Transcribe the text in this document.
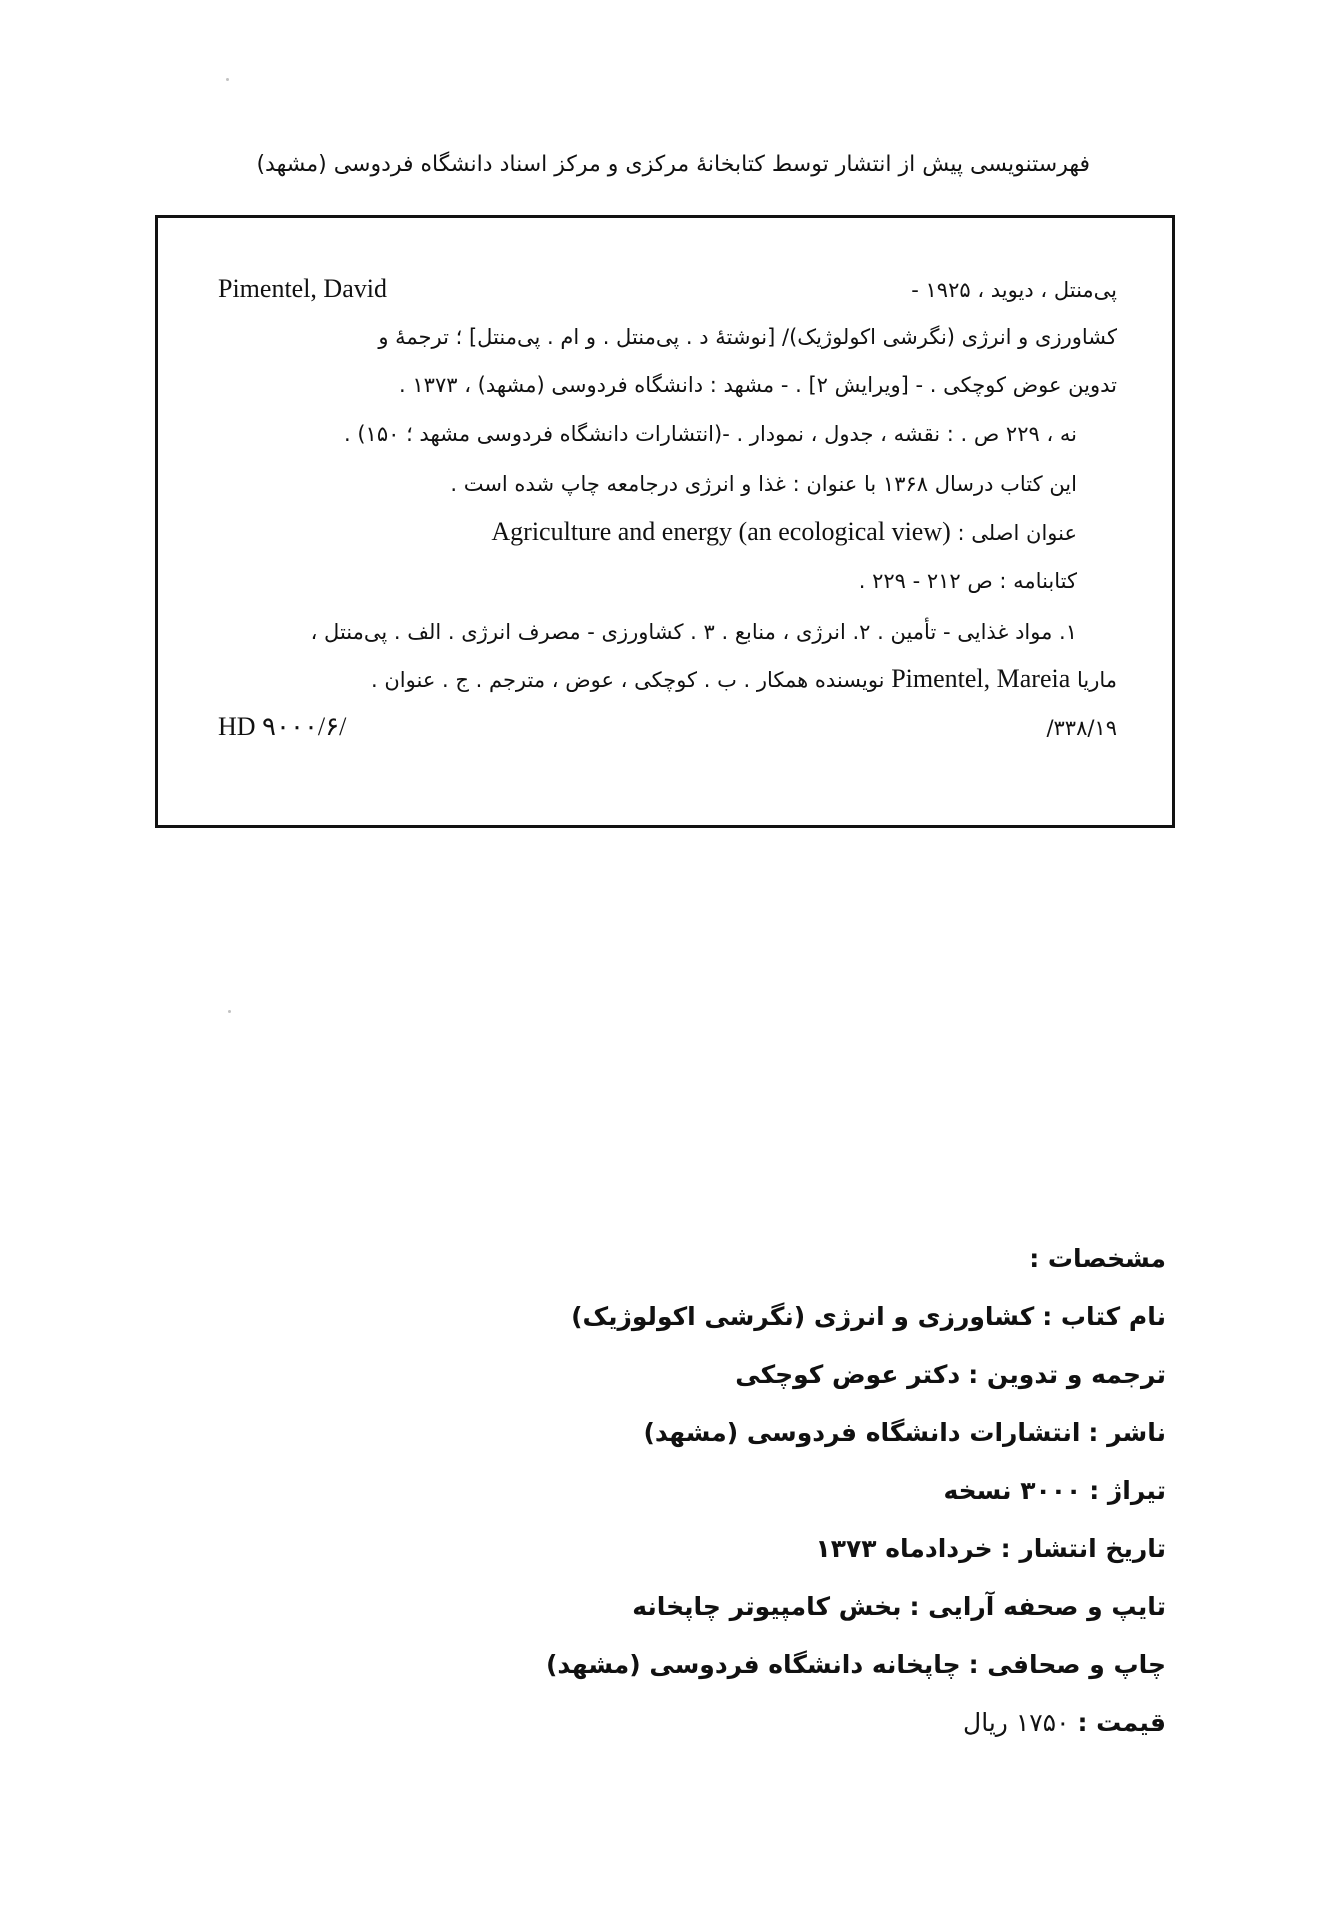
فهرستنویسی پیش از انتشار توسط کتابخانهٔ مرکزی و مرکز اسناد دانشگاه فردوسی (مشهد)
Pimentel, David	پی‌منتل ، دیوید ، ۱۹۲۵ -
کشاورزی و انرژی (نگرشی اکولوژیک)/ [نوشتهٔ د . پی‌منتل . و ام . پی‌منتل] ؛ ترجمهٔ و
تدوین عوض کوچکی . - [ویرایش ۲] . - مشهد : دانشگاه فردوسی (مشهد) ، ۱۳۷۳ .
نه ، ۲۲۹ ص . : نقشه ، جدول ، نمودار . -(انتشارات دانشگاه فردوسی مشهد ؛ ۱۵۰) .
این کتاب درسال ۱۳۶۸ با عنوان : غذا و انرژی درجامعه چاپ شده است .
عنوان اصلی : Agriculture and energy (an ecological view)
کتابنامه : ص ۲۱۲ - ۲۲۹ .
۱. مواد غذایی - تأمین . ۲. انرژی ، منابع . ۳ . کشاورزی - مصرف انرژی . الف . پی‌منتل ،
ماریا Pimentel, Mareia نویسنده همکار . ب . کوچکی ، عوض ، مترجم . ج . عنوان .
HD ۹۰۰۰/۶/	۳۳۸/۱۹/
مشخصات :
نام کتاب : کشاورزی و انرژی (نگرشی اکولوژیک)
ترجمه و تدوین : دکتر عوض کوچکی
ناشر : انتشارات دانشگاه فردوسی (مشهد)
تیراژ : ۳۰۰۰ نسخه
تاریخ انتشار : خردادماه ۱۳۷۳
تایپ و صحفه آرایی : بخش کامپیوتر چاپخانه
چاپ و صحافی : چاپخانه دانشگاه فردوسی (مشهد)
قیمت : ۱۷۵۰ ریال
